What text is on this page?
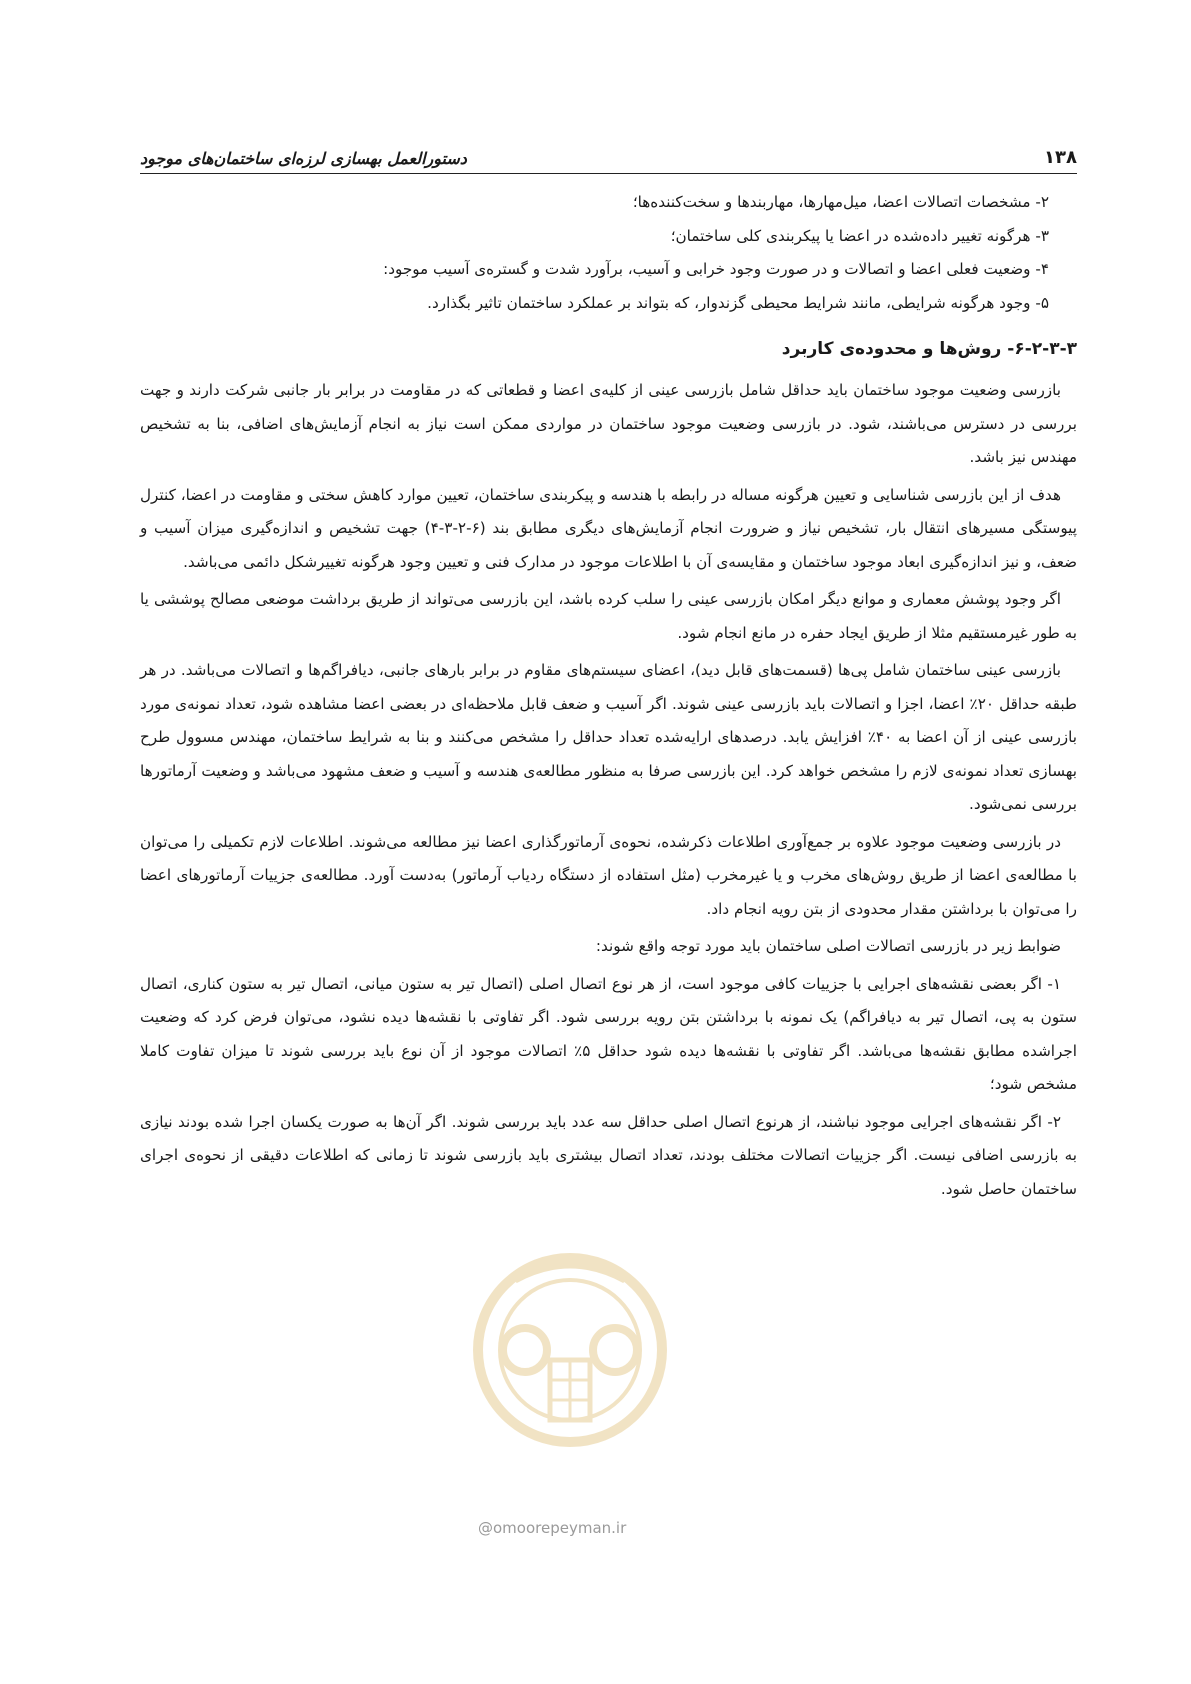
۱۳۸
دستورالعمل بهسازی لرزه‌ای ساختمان‌های موجود
۲- مشخصات اتصالات اعضا، میل‌مهارها، مهاربندها و سخت‌کننده‌ها؛
۳- هرگونه تغییر داده‌شده در اعضا یا پیکربندی کلی ساختمان؛
۴- وضعیت فعلی اعضا و اتصالات و در صورت وجود خرابی و آسیب، برآورد شدت و گستره‌ی آسیب موجود:
۵- وجود هرگونه شرایطی، مانند شرایط محیطی گزندوار، که بتواند بر عملکرد ساختمان تاثیر بگذارد.
۶-۲-۳-۳- روش‌ها و محدوده‌ی کاربرد

بازرسی وضعیت موجود ساختمان باید حداقل شامل بازرسی عینی از کلیه‌ی اعضا و قطعاتی که در مقاومت در برابر بار جانبی شرکت دارند و جهت بررسی در دسترس می‌باشند، شود. در بازرسی وضعیت موجود ساختمان در مواردی ممکن است نیاز به انجام آزمایش‌های اضافی، بنا به تشخیص مهندس نیز باشد.

هدف از این بازرسی شناسایی و تعیین هرگونه مساله در رابطه با هندسه و پیکربندی ساختمان، تعیین موارد کاهش سختی و مقاومت در اعضا، کنترل پیوستگی مسیرهای انتقال بار، تشخیص نیاز و ضرورت انجام آزمایش‌های دیگری مطابق بند (۶-۲-۳-۴) جهت تشخیص و اندازه‌گیری میزان آسیب و ضعف، و نیز اندازه‌گیری ابعاد موجود ساختمان و مقایسه‌ی آن با اطلاعات موجود در مدارک فنی و تعیین وجود هرگونه تغییرشکل دائمی می‌باشد.

اگر وجود پوشش معماری و موانع دیگر امکان بازرسی عینی را سلب کرده باشد، این بازرسی می‌تواند از طریق برداشت موضعی مصالح پوششی یا به طور غیرمستقیم مثلا از طریق ایجاد حفره در مانع انجام شود.

بازرسی عینی ساختمان شامل پی‌ها (قسمت‌های قابل دید)، اعضای سیستم‌های مقاوم در برابر بارهای جانبی، دیافراگم‌ها و اتصالات می‌باشد. در هر طبقه حداقل ۲۰٪ اعضا، اجزا و اتصالات باید بازرسی عینی شوند. اگر آسیب و ضعف قابل ملاحظه‌ای در بعضی اعضا مشاهده شود، تعداد نمونه‌ی مورد بازرسی عینی از آن اعضا به ۴۰٪ افزایش یابد. درصدهای ارایه‌شده تعداد حداقل را مشخص می‌کنند و بنا به شرایط ساختمان، مهندس مسوول طرح بهسازی تعداد نمونه‌ی لازم را مشخص خواهد کرد. این بازرسی صرفا به منظور مطالعه‌ی هندسه و آسیب و ضعف مشهود می‌باشد و وضعیت آرماتورها بررسی نمی‌شود.

در بازرسی وضعیت موجود علاوه بر جمع‌آوری اطلاعات ذکرشده، نحوه‌ی آرماتورگذاری اعضا نیز مطالعه می‌شوند. اطلاعات لازم تکمیلی را می‌توان با مطالعه‌ی اعضا از طریق روش‌های مخرب و یا غیرمخرب (مثل استفاده از دستگاه ردیاب آرماتور) به‌دست آورد. مطالعه‌ی جزییات آرماتورهای اعضا را می‌توان با برداشتن مقدار محدودی از بتن رویه انجام داد.

ضوابط زیر در بازرسی اتصالات اصلی ساختمان باید مورد توجه واقع شوند:

۱- اگر بعضی نقشه‌های اجرایی با جزییات کافی موجود است، از هر نوع اتصال اصلی (اتصال تیر به ستون میانی، اتصال تیر به ستون کناری، اتصال ستون به پی، اتصال تیر به دیافراگم) یک نمونه با برداشتن بتن رویه بررسی شود. اگر تفاوتی با نقشه‌ها دیده نشود، می‌توان فرض کرد که وضعیت اجراشده مطابق نقشه‌ها می‌باشد. اگر تفاوتی با نقشه‌ها دیده شود حداقل ۵٪ اتصالات موجود از آن نوع باید بررسی شوند تا میزان تفاوت کاملا مشخص شود؛

۲- اگر نقشه‌های اجرایی موجود نباشند، از هرنوع اتصال اصلی حداقل سه عدد باید بررسی شوند. اگر آن‌ها به صورت یکسان اجرا شده بودند نیازی به بازرسی اضافی نیست. اگر جزییات اتصالات مختلف بودند، تعداد اتصال بیشتری باید بازرسی شوند تا زمانی که اطلاعات دقیقی از نحوه‌ی اجرای ساختمان حاصل شود.

@omoorepeyman.ir
